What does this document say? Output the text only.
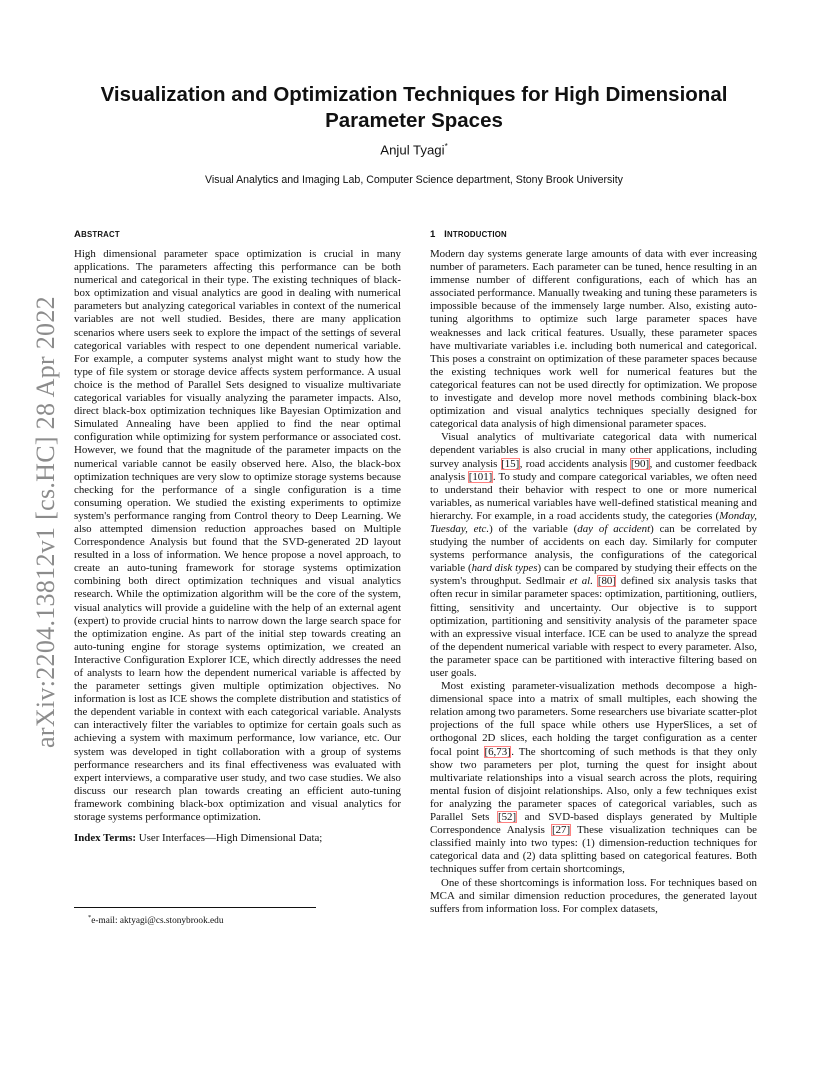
arXiv:2204.13812v1 [cs.HC] 28 Apr 2022
Visualization and Optimization Techniques for High Dimensional Parameter Spaces
Anjul Tyagi*
Visual Analytics and Imaging Lab, Computer Science department, Stony Brook University
ABSTRACT

High dimensional parameter space optimization is crucial in many applications. The parameters affecting this performance can be both numerical and categorical in their type. The existing techniques of black-box optimization and visual analytics are good in dealing with numerical parameters but analyzing categorical variables in context of the numerical variables are not well studied. Besides, there are many application scenarios where users seek to explore the impact of the settings of several categorical variables with respect to one dependent numerical variable. For example, a computer systems analyst might want to study how the type of file system or storage device affects system performance. A usual choice is the method of Parallel Sets designed to visualize multivariate categorical variables for visually analyzing the parameter impacts. Also, direct black-box optimization techniques like Bayesian Optimization and Simulated Annealing have been applied to find the near optimal configuration while optimizing for system performance or associated cost. However, we found that the magnitude of the parameter impacts on the numerical variable cannot be easily observed here. Also, the black-box optimization techniques are very slow to optimize storage systems because checking for the performance of a single configuration is a time consuming operation. We studied the existing experiments to optimize system's performance ranging from Control theory to Deep Learning. We also attempted dimension reduction approaches based on Multiple Correspondence Analysis but found that the SVD-generated 2D layout resulted in a loss of information. We hence propose a novel approach, to create an auto-tuning framework for storage systems optimization combining both direct optimization techniques and visual analytics research. While the optimization algorithm will be the core of the system, visual analytics will provide a guideline with the help of an external agent (expert) to provide crucial hints to narrow down the large search space for the optimization engine. As part of the initial step towards creating an auto-tuning engine for storage systems optimization, we created an Interactive Configuration Explorer ICE, which directly addresses the need of analysts to learn how the dependent numerical variable is affected by the parameter settings given multiple optimization objectives. No information is lost as ICE shows the complete distribution and statistics of the dependent variable in context with each categorical variable. Analysts can interactively filter the variables to optimize for certain goals such as achieving a system with maximum performance, low variance, etc. Our system was developed in tight collaboration with a group of systems performance researchers and its final effectiveness was evaluated with expert interviews, a comparative user study, and two case studies. We also discuss our research plan towards creating an efficient auto-tuning framework combining black-box optimization and visual analytics for storage systems performance optimization.

Index Terms: User Interfaces—High Dimensional Data;

*e-mail: aktyagi@cs.stonybrook.edu
1 INTRODUCTION

Modern day systems generate large amounts of data with ever increasing number of parameters. Each parameter can be tuned, hence resulting in an immense number of different configurations, each of which has an associated performance. Manually tweaking and tuning these parameters is impossible because of the immensely large number. Also, existing auto-tuning algorithms to optimize such large parameter spaces have weaknesses and lack critical features. Usually, these parameter spaces have multivariate variables i.e. including both numerical and categorical. This poses a constraint on optimization of these parameter spaces because the existing techniques work well for numerical features but the categorical features can not be used directly for optimization. We propose to investigate and develop more novel methods combining black-box optimization and visual analytics techniques specially designed for categorical data analysis of high dimensional parameter spaces.

Visual analytics of multivariate categorical data with numerical dependent variables is also crucial in many other applications, including survey analysis [15], road accidents analysis [90], and customer feedback analysis [101]. To study and compare categorical variables, we often need to understand their behavior with respect to one or more numerical variables, as numerical variables have well-defined statistical meaning and hierarchy. For example, in a road accidents study, the categories (Monday, Tuesday, etc.) of the variable (day of accident) can be correlated by studying the number of accidents on each day. Similarly for computer systems performance analysis, the configurations of the categorical variable (hard disk types) can be compared by studying their effects on the system's throughput. Sedlmair et al. [80] defined six analysis tasks that often recur in similar parameter spaces: optimization, partitioning, outliers, fitting, sensitivity and uncertainty. Our objective is to support optimization, partitioning and sensitivity analysis of the parameter space with an expressive visual interface. ICE can be used to analyze the spread of the dependent numerical variable with respect to every parameter. Also, the parameter space can be partitioned with interactive filtering based on user goals.

Most existing parameter-visualization methods decompose a high-dimensional space into a matrix of small multiples, each showing the relation among two parameters. Some researchers use bivariate scatter-plot projections of the full space while others use HyperSlices, a set of orthogonal 2D slices, each holding the target configuration as a center focal point [6,73]. The shortcoming of such methods is that they only show two parameters per plot, turning the quest for insight about multivariate relationships into a visual search across the plots, requiring mental fusion of disjoint relationships. Also, only a few techniques exist for analyzing the parameter spaces of categorical variables, such as Parallel Sets [52] and SVD-based displays generated by Multiple Correspondence Analysis [27] These visualization techniques can be classified mainly into two types: (1) dimension-reduction techniques for categorical data and (2) data splitting based on categorical features. Both techniques suffer from certain shortcomings,

One of these shortcomings is information loss. For techniques based on MCA and similar dimension reduction procedures, the generated layout suffers from information loss. For complex datasets,
